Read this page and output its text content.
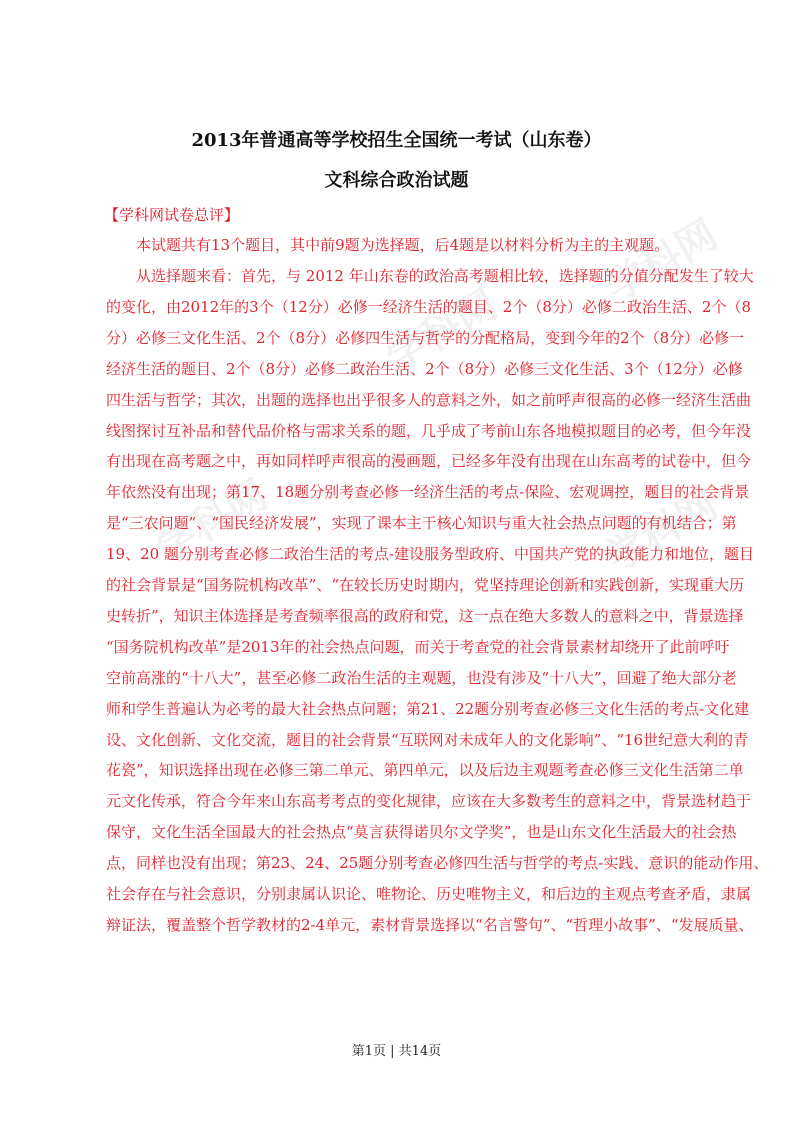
学科网
学科网
学科网	学科网
2013年普通高等学校招生全国统一考试（山东卷）
文科综合政治试题
【学科网试卷总评】
本试题共有13个题目，其中前9题为选择题，后4题是以材料分析为主的主观题。
从选择题来看：首先，与 2012 年山东卷的政治高考题相比较，选择题的分值分配发生了较大
的变化，由2012年的3个（12分）必修一经济生活的题目、2个（8分）必修二政治生活、2个（8
分）必修三文化生活、2个（8分）必修四生活与哲学的分配格局，变到今年的2个（8分）必修一
经济生活的题目、2个（8分）必修二政治生活、2个（8分）必修三文化生活、3个（12分）必修
四生活与哲学；其次，出题的选择也出乎很多人的意料之外，如之前呼声很高的必修一经济生活曲
线图探讨互补品和替代品价格与需求关系的题，几乎成了考前山东各地模拟题目的必考，但今年没
有出现在高考题之中，再如同样呼声很高的漫画题，已经多年没有出现在山东高考的试卷中，但今
年依然没有出现；第17、18题分别考查必修一经济生活的考点-保险、宏观调控，题目的社会背景
是“三农问题”、“国民经济发展”，实现了课本主干核心知识与重大社会热点问题的有机结合；第
19、20 题分别考查必修二政治生活的考点-建设服务型政府、中国共产党的执政能力和地位，题目
的社会背景是“国务院机构改革”、“在较长历史时期内，党坚持理论创新和实践创新，实现重大历
史转折”，知识主体选择是考查频率很高的政府和党，这一点在绝大多数人的意料之中，背景选择
“国务院机构改革”是2013年的社会热点问题，而关于考查党的社会背景素材却绕开了此前呼吁
空前高涨的“十八大”，甚至必修二政治生活的主观题，也没有涉及“十八大”，回避了绝大部分老
师和学生普遍认为必考的最大社会热点问题；第21、22题分别考查必修三文化生活的考点-文化建
设、文化创新、文化交流，题目的社会背景“互联网对未成年人的文化影响”、“16世纪意大利的青
花瓷”，知识选择出现在必修三第二单元、第四单元，以及后边主观题考查必修三文化生活第二单
元文化传承，符合今年来山东高考考点的变化规律，应该在大多数考生的意料之中，背景选材趋于
保守，文化生活全国最大的社会热点“莫言获得诺贝尔文学奖”，也是山东文化生活最大的社会热
点，同样也没有出现；第23、24、25题分别考查必修四生活与哲学的考点-实践、意识的能动作用、
社会存在与社会意识，分别隶属认识论、唯物论、历史唯物主义，和后边的主观点考查矛盾，隶属
辩证法，覆盖整个哲学教材的2-4单元，素材背景选择以“名言警句”、“哲理小故事”、“发展质量、
第1页 | 共14页
